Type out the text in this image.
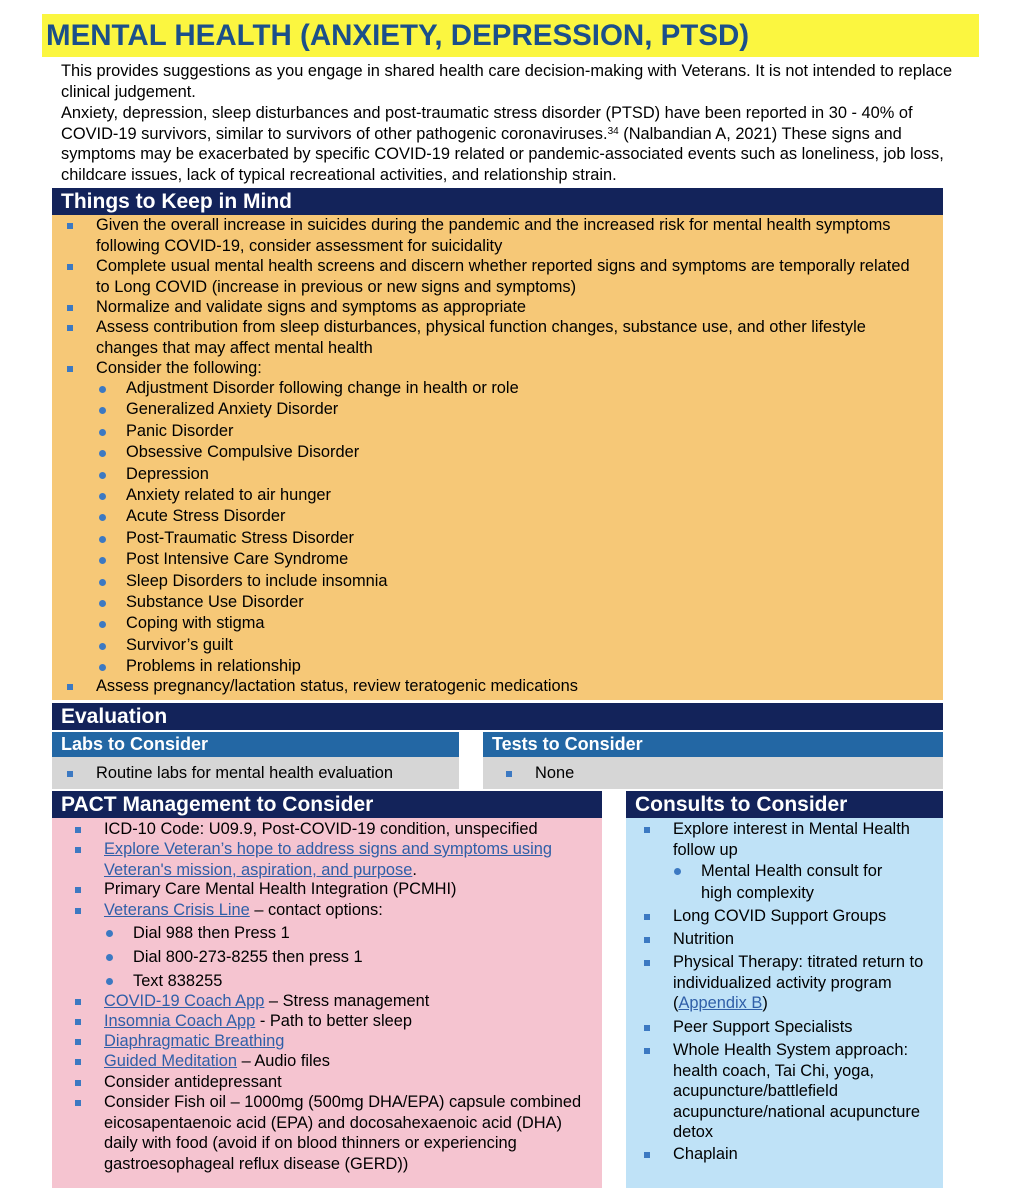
MENTAL HEALTH (ANXIETY, DEPRESSION, PTSD)
This provides suggestions as you engage in shared health care decision-making with Veterans. It is not intended to replace clinical judgement.
Anxiety, depression, sleep disturbances and post-traumatic stress disorder (PTSD) have been reported in 30 - 40% of COVID-19 survivors, similar to survivors of other pathogenic coronaviruses.$^{34}$ (Nalbandian A, 2021) These signs and symptoms may be exacerbated by specific COVID-19 related or pandemic-associated events such as loneliness, job loss, childcare issues, lack of typical recreational activities, and relationship strain.
Things to Keep in Mind
Given the overall increase in suicides during the pandemic and the increased risk for mental health symptoms following COVID-19, consider assessment for suicidality
Complete usual mental health screens and discern whether reported signs and symptoms are temporally related to Long COVID (increase in previous or new signs and symptoms)
Normalize and validate signs and symptoms as appropriate
Assess contribution from sleep disturbances, physical function changes, substance use, and other lifestyle changes that may affect mental health
Consider the following:
Adjustment Disorder following change in health or role
Generalized Anxiety Disorder
Panic Disorder
Obsessive Compulsive Disorder
Depression
Anxiety related to air hunger
Acute Stress Disorder
Post-Traumatic Stress Disorder
Post Intensive Care Syndrome
Sleep Disorders to include insomnia
Substance Use Disorder
Coping with stigma
Survivor’s guilt
Problems in relationship
Assess pregnancy/lactation status, review teratogenic medications
Evaluation
Labs to Consider	Tests to Consider
Routine labs for mental health evaluation	None
PACT Management to Consider
ICD-10 Code: U09.9, Post-COVID-19 condition, unspecified
Explore Veteran’s hope to address signs and symptoms using Veteran's mission, aspiration, and purpose.
Primary Care Mental Health Integration (PCMHI)
Veterans Crisis Line – contact options:
Dial 988 then Press 1
Dial 800-273-8255 then press 1
Text 838255
COVID-19 Coach App – Stress management
Insomnia Coach App - Path to better sleep
Diaphragmatic Breathing
Guided Meditation – Audio files
Consider antidepressant
Consider Fish oil – 1000mg (500mg DHA/EPA) capsule combined eicosapentaenoic acid (EPA) and docosahexaenoic acid (DHA) daily with food (avoid if on blood thinners or experiencing gastroesophageal reflux disease (GERD))
Consults to Consider
Explore interest in Mental Health follow up
Mental Health consult for high complexity
Long COVID Support Groups
Nutrition
Physical Therapy: titrated return to individualized activity program (Appendix B)
Peer Support Specialists
Whole Health System approach: health coach, Tai Chi, yoga, acupuncture/battlefield acupuncture/national acupuncture detox
Chaplain
